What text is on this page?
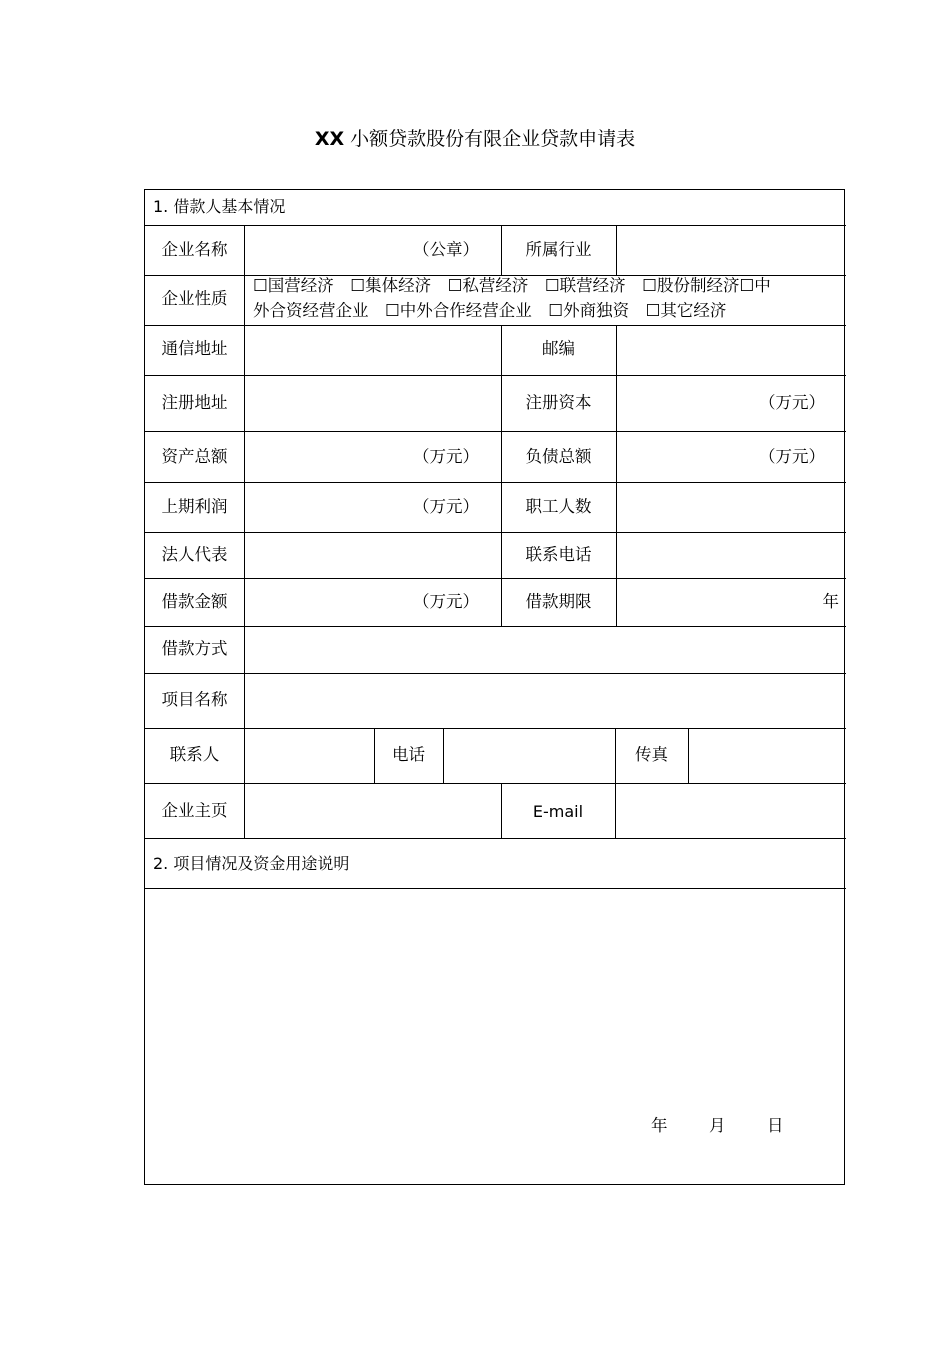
XX 小额贷款股份有限企业贷款申请表
1. 借款人基本情况
企业名称	（公章）	所属行业
企业性质
☐国营经济　☐集体经济　☐私营经济　☐联营经济　☐股份制经济☐中
外合资经营企业　☐中外合作经营企业　☐外商独资　☐其它经济
通信地址	邮编
注册地址	注册资本	（万元）
资产总额	（万元）	负债总额	（万元）
上期利润	（万元）	职工人数
法人代表	联系电话
借款金额	（万元）	借款期限	年
借款方式
项目名称
联系人	电话	传真
企业主页	E-mail
2. 项目情况及资金用途说明
年	月	日
